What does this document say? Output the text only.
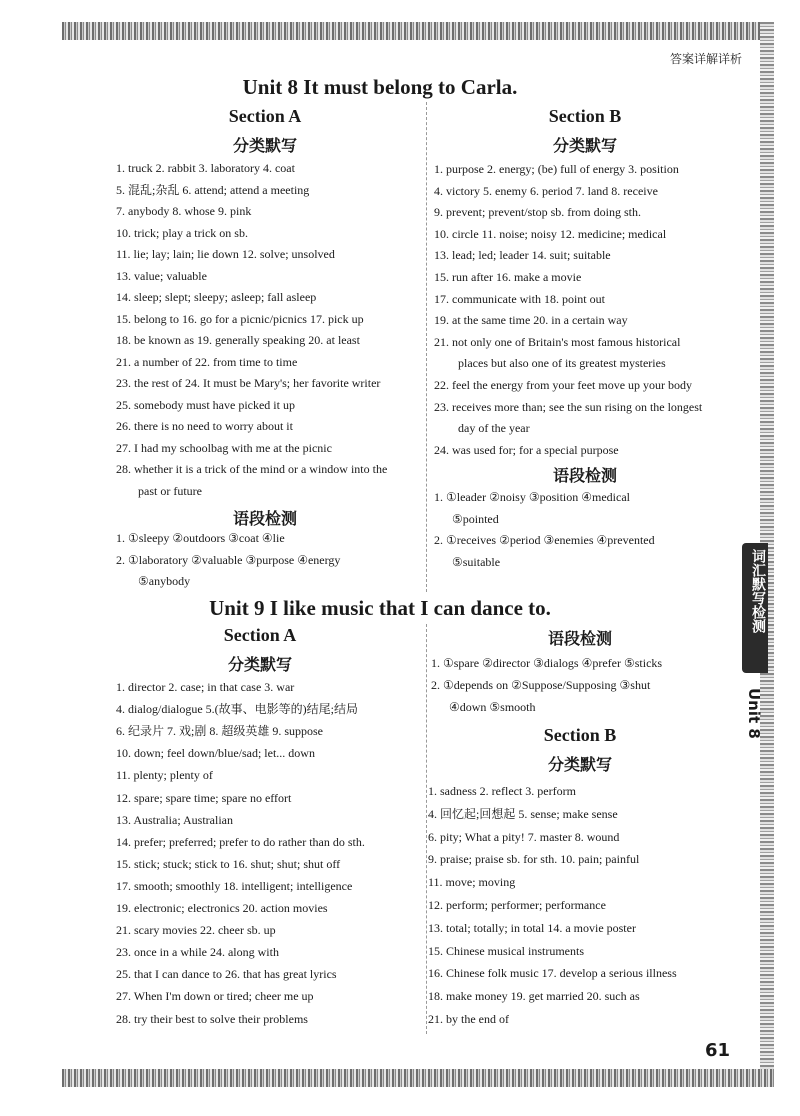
答案详解详析
Unit 8 It must belong to Carla.
Section A
分类默写
Section B
分类默写
1. truck 2. rabbit 3. laboratory 4. coat
5. 混乱;杂乱 6. attend; attend a meeting
7. anybody 8. whose 9. pink
10. trick; play a trick on sb.
11. lie; lay; lain; lie down 12. solve; unsolved
13. value; valuable
14. sleep; slept; sleepy; asleep; fall asleep
15. belong to 16. go for a picnic/picnics 17. pick up
18. be known as 19. generally speaking 20. at least
21. a number of 22. from time to time
23. the rest of 24. It must be Mary's; her favorite writer
25. somebody must have picked it up
26. there is no need to worry about it
27. I had my schoolbag with me at the picnic
28. whether it is a trick of the mind or a window into the
past or future
语段检测
1. ①sleepy ②outdoors ③coat ④lie
2. ①laboratory ②valuable ③purpose ④energy
⑤anybody
1. purpose 2. energy; (be) full of energy 3. position
4. victory 5. enemy 6. period 7. land 8. receive
9. prevent; prevent/stop sb. from doing sth.
10. circle 11. noise; noisy 12. medicine; medical
13. lead; led; leader 14. suit; suitable
15. run after 16. make a movie
17. communicate with 18. point out
19. at the same time 20. in a certain way
21. not only one of Britain's most famous historical
places but also one of its greatest mysteries
22. feel the energy from your feet move up your body
23. receives more than; see the sun rising on the longest
day of the year
24. was used for; for a special purpose
语段检测
1. ①leader ②noisy ③position ④medical
⑤pointed
2. ①receives ②period ③enemies ④prevented
⑤suitable
Unit 9 I like music that I can dance to.
Section A
分类默写
1. director 2. case; in that case 3. war
4. dialog/dialogue 5.(故事、电影等的)结尾;结局
6. 纪录片 7. 戏;剧 8. 超级英雄 9. suppose
10. down; feel down/blue/sad; let... down
11. plenty; plenty of
12. spare; spare time; spare no effort
13. Australia; Australian
14. prefer; preferred; prefer to do rather than do sth.
15. stick; stuck; stick to 16. shut; shut; shut off
17. smooth; smoothly 18. intelligent; intelligence
19. electronic; electronics 20. action movies
21. scary movies 22. cheer sb. up
23. once in a while 24. along with
25. that I can dance to 26. that has great lyrics
27. When I'm down or tired; cheer me up
28. try their best to solve their problems
语段检测
1. ①spare ②director ③dialogs ④prefer ⑤sticks
2. ①depends on ②Suppose/Supposing ③shut
④down ⑤smooth
Section B
分类默写
1. sadness 2. reflect 3. perform
4. 回忆起;回想起 5. sense; make sense
6. pity; What a pity! 7. master 8. wound
9. praise; praise sb. for sth. 10. pain; painful
11. move; moving
12. perform; performer; performance
13. total; totally; in total 14. a movie poster
15. Chinese musical instruments
16. Chinese folk music 17. develop a serious illness
18. make money 19. get married 20. such as
21. by the end of
词汇默写检测
Unit 8
61
